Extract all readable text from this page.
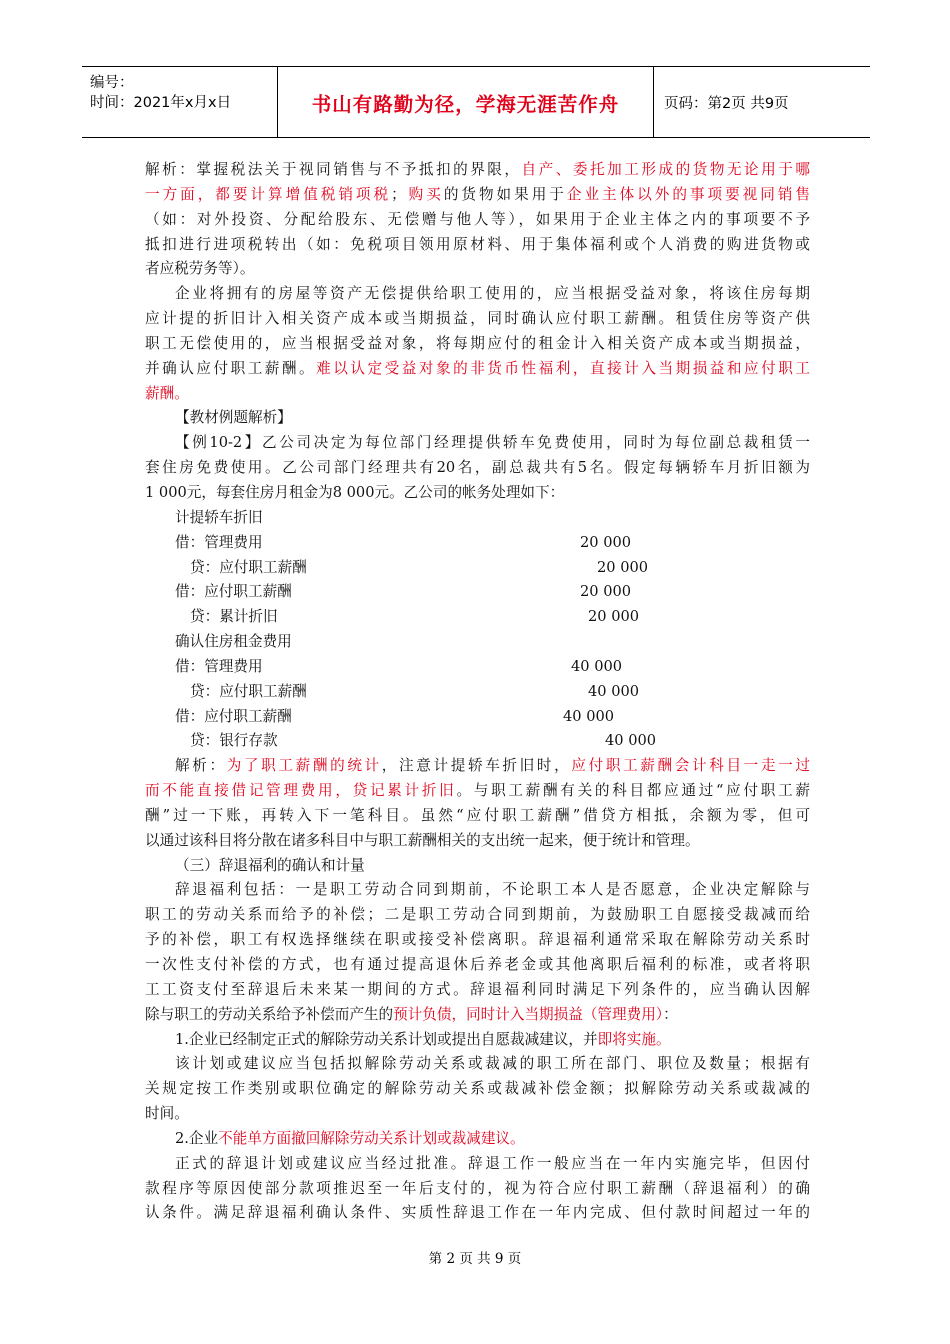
编号：
时间：2021年x月x日	书山有路勤为径，学海无涯苦作舟	页码：第2页 共9页
解析：掌握税法关于视同销售与不予抵扣的界限，自产、委托加工形成的货物无论用于哪
一方面，都要计算增值税销项税；购买的货物如果用于企业主体以外的事项要视同销售
（如：对外投资、分配给股东、无偿赠与他人等），如果用于企业主体之内的事项要不予
抵扣进行进项税转出（如：免税项目领用原材料、用于集体福利或个人消费的购进货物或
者应税劳务等）。
企业将拥有的房屋等资产无偿提供给职工使用的，应当根据受益对象，将该住房每期
应计提的折旧计入相关资产成本或当期损益，同时确认应付职工薪酬。租赁住房等资产供
职工无偿使用的，应当根据受益对象，将每期应付的租金计入相关资产成本或当期损益，
并确认应付职工薪酬。难以认定受益对象的非货币性福利，直接计入当期损益和应付职工
薪酬。
【教材例题解析】
【例10-2】乙公司决定为每位部门经理提供轿车免费使用，同时为每位副总裁租赁一
套住房免费使用。乙公司部门经理共有20名，副总裁共有5名。假定每辆轿车月折旧额为
1 000元，每套住房月租金为8 000元。乙公司的帐务处理如下：
计提轿车折旧
借：管理费用	20 000
贷：应付职工薪酬	20 000
借：应付职工薪酬	20 000
贷：累计折旧	20 000
确认住房租金费用
借：管理费用	40 000
贷：应付职工薪酬	40 000
借：应付职工薪酬	40 000
贷：银行存款	40 000
解析：为了职工薪酬的统计，注意计提轿车折旧时，应付职工薪酬会计科目一走一过
而不能直接借记管理费用，贷记累计折旧。与职工薪酬有关的科目都应通过“应付职工薪
酬”过一下账，再转入下一笔科目。虽然“应付职工薪酬”借贷方相抵，余额为零，但可
以通过该科目将分散在诸多科目中与职工薪酬相关的支出统一起来，便于统计和管理。
（三）辞退福利的确认和计量
辞退福利包括：一是职工劳动合同到期前，不论职工本人是否愿意，企业决定解除与
职工的劳动关系而给予的补偿；二是职工劳动合同到期前，为鼓励职工自愿接受裁减而给
予的补偿，职工有权选择继续在职或接受补偿离职。辞退福利通常采取在解除劳动关系时
一次性支付补偿的方式，也有通过提高退休后养老金或其他离职后福利的标准，或者将职
工工资支付至辞退后未来某一期间的方式。辞退福利同时满足下列条件的，应当确认因解
除与职工的劳动关系给予补偿而产生的预计负债，同时计入当期损益（管理费用）：
1.企业已经制定正式的解除劳动关系计划或提出自愿裁减建议，并即将实施。
该计划或建议应当包括拟解除劳动关系或裁减的职工所在部门、职位及数量；根据有
关规定按工作类别或职位确定的解除劳动关系或裁减补偿金额；拟解除劳动关系或裁减的
时间。
2.企业不能单方面撤回解除劳动关系计划或裁减建议。
正式的辞退计划或建议应当经过批准。辞退工作一般应当在一年内实施完毕，但因付
款程序等原因使部分款项推迟至一年后支付的，视为符合应付职工薪酬（辞退福利）的确
认条件。满足辞退福利确认条件、实质性辞退工作在一年内完成、但付款时间超过一年的
第 2 页 共 9 页
